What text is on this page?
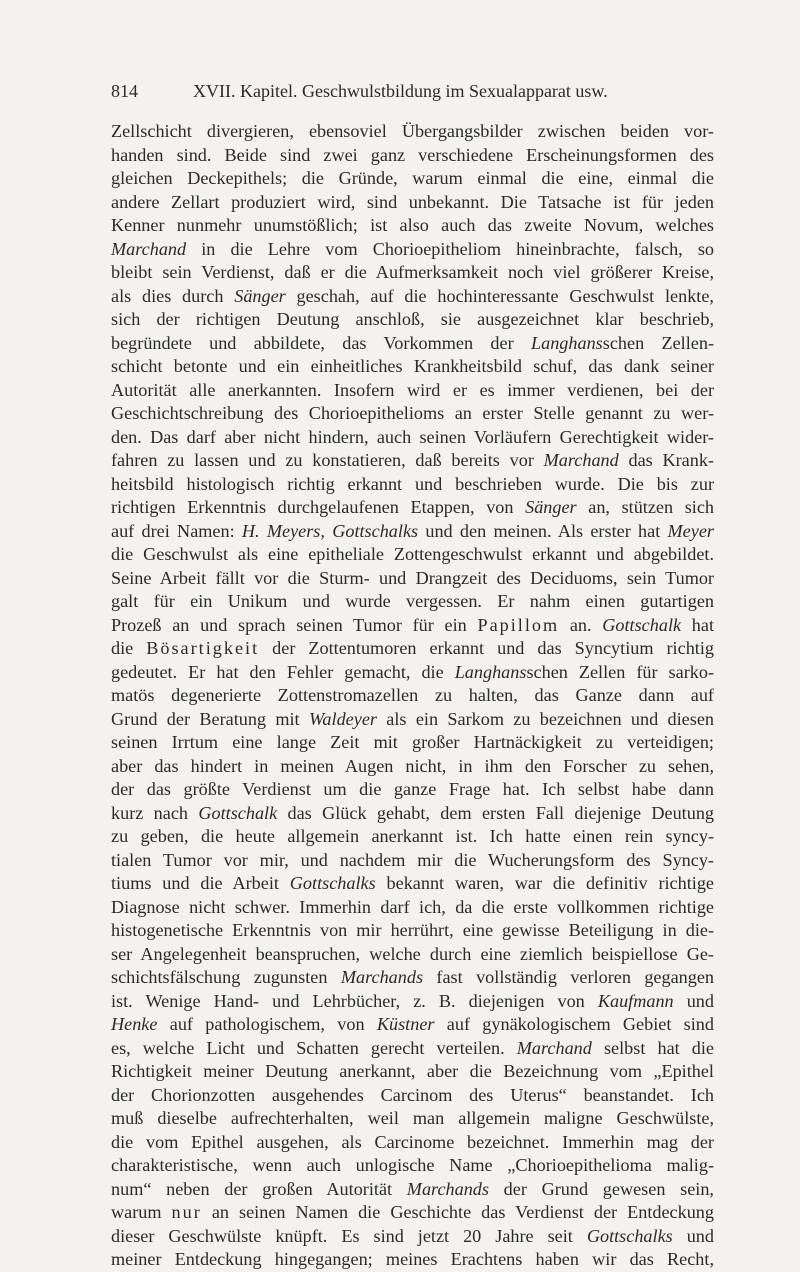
814	XVII. Kapitel. Geschwulstbildung im Sexualapparat usw.
Zellschicht divergieren, ebensoviel Übergangsbilder zwischen beiden vor-
handen sind. Beide sind zwei ganz verschiedene Erscheinungsformen des
gleichen Deckepithels; die Gründe, warum einmal die eine, einmal die
andere Zellart produziert wird, sind unbekannt. Die Tatsache ist für jeden
Kenner nunmehr unumstößlich; ist also auch das zweite Novum, welches
Marchand in die Lehre vom Chorioepitheliom hineinbrachte, falsch, so
bleibt sein Verdienst, daß er die Aufmerksamkeit noch viel größerer Kreise,
als dies durch Sänger geschah, auf die hochinteressante Geschwulst lenkte,
sich der richtigen Deutung anschloß, sie ausgezeichnet klar beschrieb,
begründete und abbildete, das Vorkommen der Langhansschen Zellen-
schicht betonte und ein einheitliches Krankheitsbild schuf, das dank seiner
Autorität alle anerkannten. Insofern wird er es immer verdienen, bei der
Geschichtschreibung des Chorioepithelioms an erster Stelle genannt zu wer-
den. Das darf aber nicht hindern, auch seinen Vorläufern Gerechtigkeit wider-
fahren zu lassen und zu konstatieren, daß bereits vor Marchand das Krank-
heitsbild histologisch richtig erkannt und beschrieben wurde. Die bis zur
richtigen Erkenntnis durchgelaufenen Etappen, von Sänger an, stützen sich
auf drei Namen: H. Meyers, Gottschalks und den meinen. Als erster hat Meyer
die Geschwulst als eine epitheliale Zottengeschwulst erkannt und abgebildet.
Seine Arbeit fällt vor die Sturm- und Drangzeit des Deciduoms, sein Tumor
galt für ein Unikum und wurde vergessen. Er nahm einen gutartigen
Prozeß an und sprach seinen Tumor für ein Papillom an. Gottschalk hat
die Bösartigkeit der Zottentumoren erkannt und das Syncytium richtig
gedeutet. Er hat den Fehler gemacht, die Langhansschen Zellen für sarko-
matös degenerierte Zottenstromazellen zu halten, das Ganze dann auf
Grund der Beratung mit Waldeyer als ein Sarkom zu bezeichnen und diesen
seinen Irrtum eine lange Zeit mit großer Hartnäckigkeit zu verteidigen;
aber das hindert in meinen Augen nicht, in ihm den Forscher zu sehen,
der das größte Verdienst um die ganze Frage hat. Ich selbst habe dann
kurz nach Gottschalk das Glück gehabt, dem ersten Fall diejenige Deutung
zu geben, die heute allgemein anerkannt ist. Ich hatte einen rein syncy-
tialen Tumor vor mir, und nachdem mir die Wucherungsform des Syncy-
tiums und die Arbeit Gottschalks bekannt waren, war die definitiv richtige
Diagnose nicht schwer. Immerhin darf ich, da die erste vollkommen richtige
histogenetische Erkenntnis von mir herrührt, eine gewisse Beteiligung in die-
ser Angelegenheit beanspruchen, welche durch eine ziemlich beispiellose Ge-
schichtsfälschung zugunsten Marchands fast vollständig verloren gegangen
ist. Wenige Hand- und Lehrbücher, z. B. diejenigen von Kaufmann und
Henke auf pathologischem, von Küstner auf gynäkologischem Gebiet sind
es, welche Licht und Schatten gerecht verteilen. Marchand selbst hat die
Richtigkeit meiner Deutung anerkannt, aber die Bezeichnung vom „Epithel
der Chorionzotten ausgehendes Carcinom des Uterus“ beanstandet. Ich
muß dieselbe aufrechterhalten, weil man allgemein maligne Geschwülste,
die vom Epithel ausgehen, als Carcinome bezeichnet. Immerhin mag der
charakteristische, wenn auch unlogische Name „Chorioepithelioma malig-
num“ neben der großen Autorität Marchands der Grund gewesen sein,
warum nur an seinen Namen die Geschichte das Verdienst der Entdeckung
dieser Geschwülste knüpft. Es sind jetzt 20 Jahre seit Gottschalks und
meiner Entdeckung hingegangen; meines Erachtens haben wir das Recht,
